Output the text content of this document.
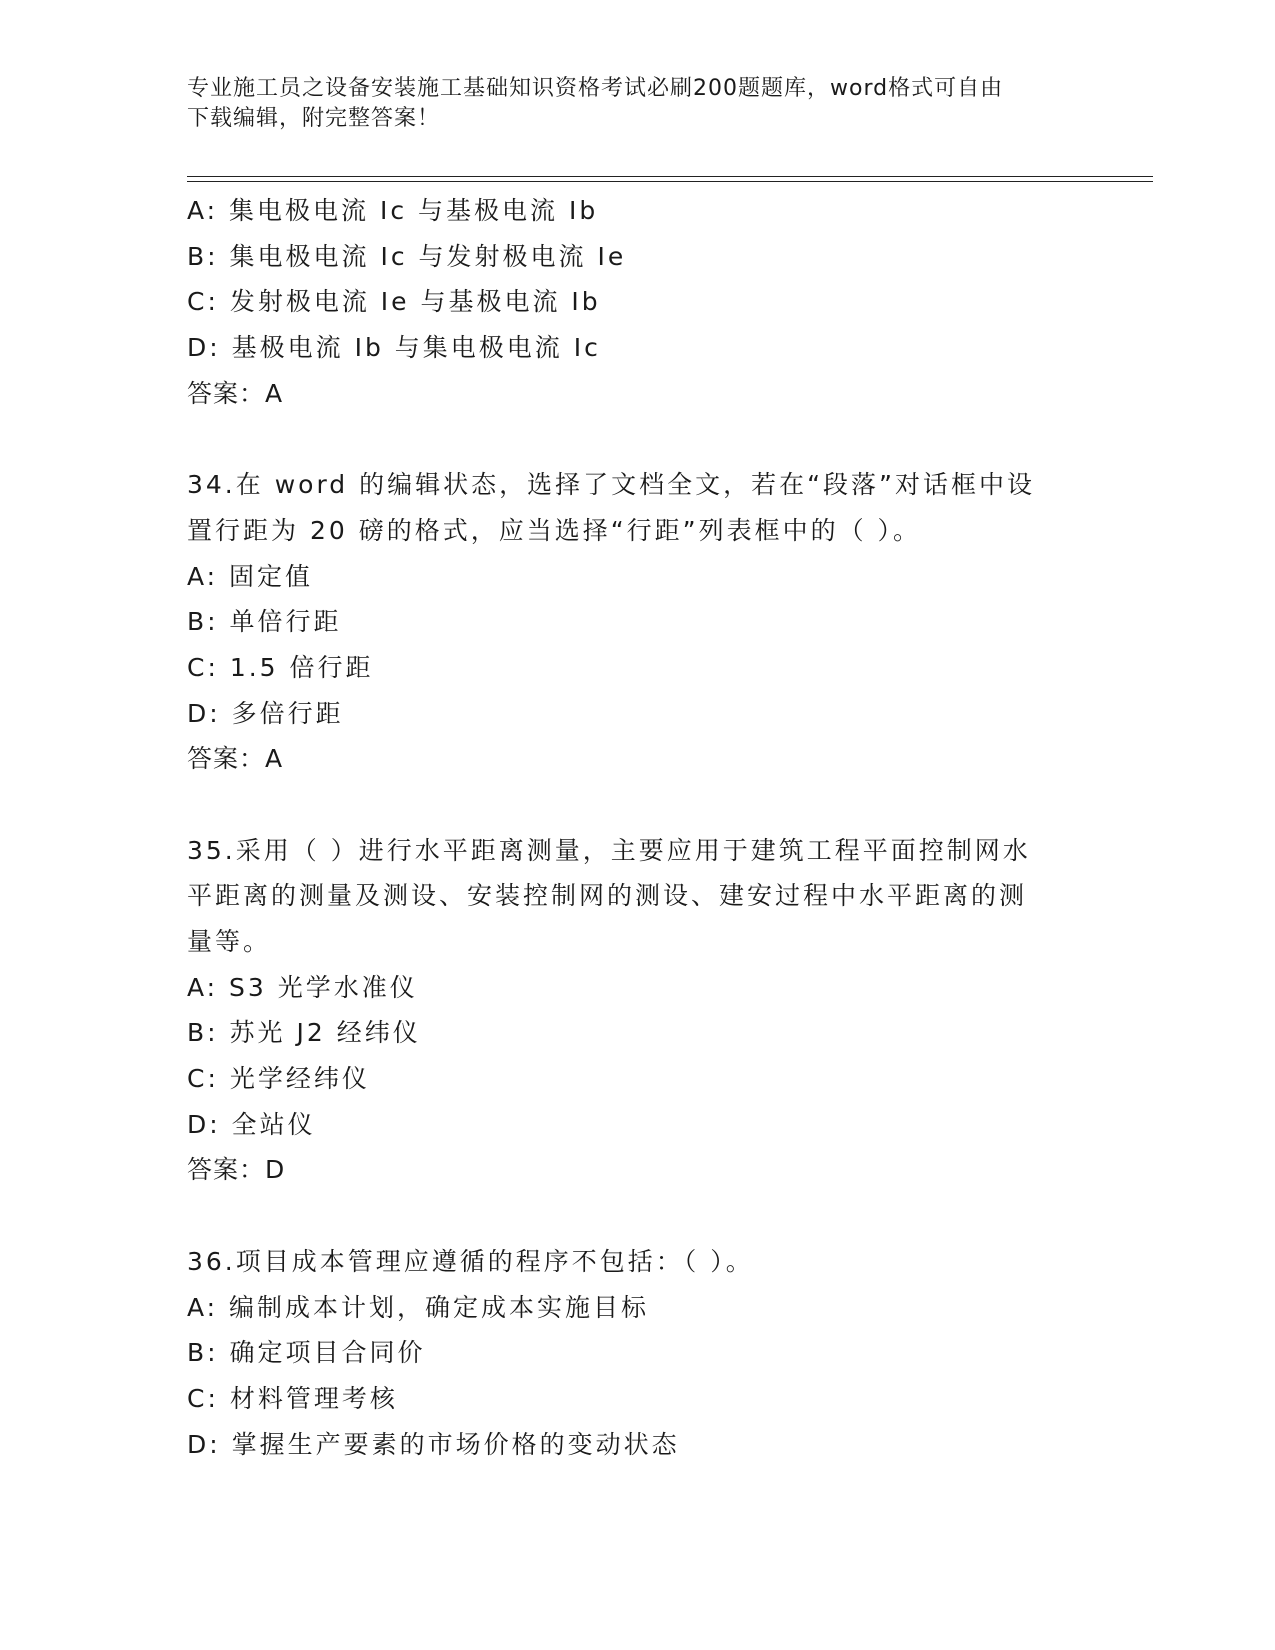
专业施工员之设备安装施工基础知识资格考试必刷200题题库，word格式可自由
下载编辑，附完整答案！
A: 集电极电流 Ic 与基极电流 Ib
B: 集电极电流 Ic 与发射极电流 Ie
C: 发射极电流 Ie 与基极电流 Ib
D: 基极电流 Ib 与集电极电流 Ic
答案：A
34.在 word 的编辑状态，选择了文档全文，若在“段落”对话框中设
置行距为 20 磅的格式，应当选择“行距”列表框中的（ ）。
A: 固定值
B: 单倍行距
C: 1.5 倍行距
D: 多倍行距
答案：A
35.采用（ ）进行水平距离测量，主要应用于建筑工程平面控制网水
平距离的测量及测设、安装控制网的测设、建安过程中水平距离的测
量等。
A: S3 光学水准仪
B: 苏光 J2 经纬仪
C: 光学经纬仪
D: 全站仪
答案：D
36.项目成本管理应遵循的程序不包括：（ ）。
A: 编制成本计划，确定成本实施目标
B: 确定项目合同价
C: 材料管理考核
D: 掌握生产要素的市场价格的变动状态
